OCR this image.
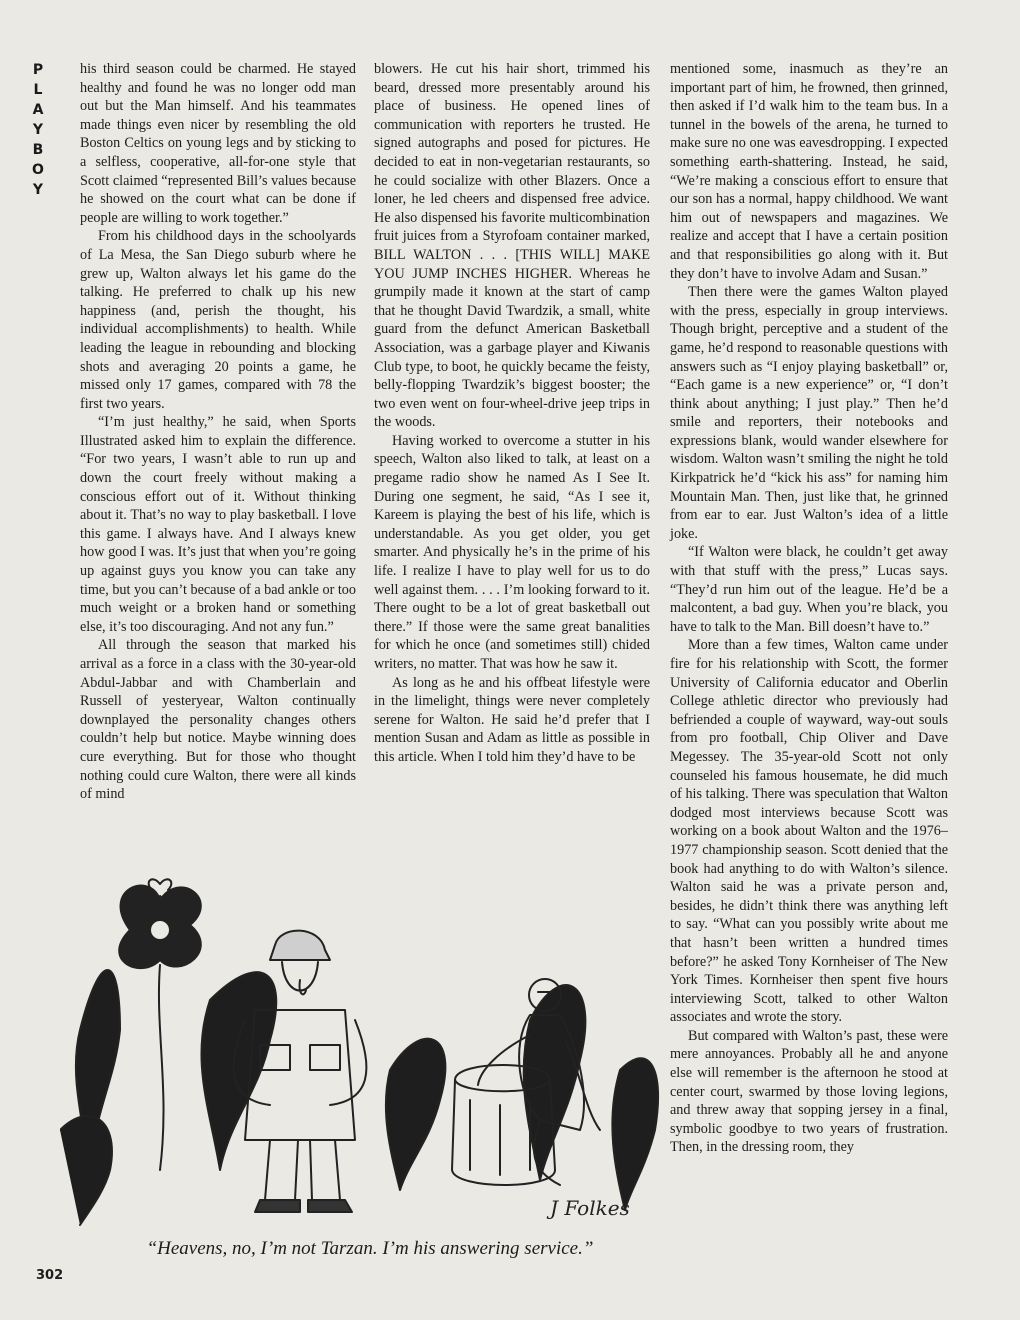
P
L
A
Y
B
O
Y

his third season could be charmed. He stayed healthy and found he was no longer odd man out but the Man himself. And his teammates made things even nicer by resembling the old Boston Celtics on young legs and by sticking to a selfless, cooperative, all-for-one style that Scott claimed “represented Bill’s values because he showed on the court what can be done if people are willing to work together.”

From his childhood days in the schoolyards of La Mesa, the San Diego suburb where he grew up, Walton always let his game do the talking. He preferred to chalk up his new happiness (and, perish the thought, his individual accomplishments) to health. While leading the league in rebounding and blocking shots and averaging 20 points a game, he missed only 17 games, compared with 78 the first two years.

“I’m just healthy,” he said, when Sports Illustrated asked him to explain the difference. “For two years, I wasn’t able to run up and down the court freely without making a conscious effort out of it. Without thinking about it. That’s no way to play basketball. I love this game. I always have. And I always knew how good I was. It’s just that when you’re going up against guys you know you can take any time, but you can’t because of a bad ankle or too much weight or a broken hand or something else, it’s too discouraging. And not any fun.”

All through the season that marked his arrival as a force in a class with the 30-year-old Abdul-Jabbar and with Chamberlain and Russell of yesteryear, Walton continually downplayed the personality changes others couldn’t help but notice. Maybe winning does cure everything. But for those who thought nothing could cure Walton, there were all kinds of mind

blowers. He cut his hair short, trimmed his beard, dressed more presentably around his place of business. He opened lines of communication with reporters he trusted. He signed autographs and posed for pictures. He decided to eat in non-vegetarian restaurants, so he could socialize with other Blazers. Once a loner, he led cheers and dispensed free advice. He also dispensed his favorite multicombination fruit juices from a Styrofoam container marked, BILL WALTON . . . [THIS WILL] MAKE YOU JUMP INCHES HIGHER. Whereas he grumpily made it known at the start of camp that he thought David Twardzik, a small, white guard from the defunct American Basketball Association, was a garbage player and Kiwanis Club type, to boot, he quickly became the feisty, belly-flopping Twardzik’s biggest booster; the two even went on four-wheel-drive jeep trips in the woods.

Having worked to overcome a stutter in his speech, Walton also liked to talk, at least on a pregame radio show he named As I See It. During one segment, he said, “As I see it, Kareem is playing the best of his life, which is understandable. As you get older, you get smarter. And physically he’s in the prime of his life. I realize I have to play well for us to do well against them. . . . I’m looking forward to it. There ought to be a lot of great basketball out there.” If those were the same great banalities for which he once (and sometimes still) chided writers, no matter. That was how he saw it.

As long as he and his offbeat lifestyle were in the limelight, things were never completely serene for Walton. He said he’d prefer that I mention Susan and Adam as little as possible in this article. When I told him they’d have to be

mentioned some, inasmuch as they’re an important part of him, he frowned, then grinned, then asked if I’d walk him to the team bus. In a tunnel in the bowels of the arena, he turned to make sure no one was eavesdropping. I expected something earth-shattering. Instead, he said, “We’re making a conscious effort to ensure that our son has a normal, happy childhood. We want him out of newspapers and magazines. We realize and accept that I have a certain position and that responsibilities go along with it. But they don’t have to involve Adam and Susan.”

Then there were the games Walton played with the press, especially in group interviews. Though bright, perceptive and a student of the game, he’d respond to reasonable questions with answers such as “I enjoy playing basketball” or, “Each game is a new experience” or, “I don’t think about anything; I just play.” Then he’d smile and reporters, their notebooks and expressions blank, would wander elsewhere for wisdom. Walton wasn’t smiling the night he told Kirkpatrick he’d “kick his ass” for naming him Mountain Man. Then, just like that, he grinned from ear to ear. Just Walton’s idea of a little joke.

“If Walton were black, he couldn’t get away with that stuff with the press,” Lucas says. “They’d run him out of the league. He’d be a malcontent, a bad guy. When you’re black, you have to talk to the Man. Bill doesn’t have to.”

More than a few times, Walton came under fire for his relationship with Scott, the former University of California educator and Oberlin College athletic director who previously had befriended a couple of wayward, way-out souls from pro football, Chip Oliver and Dave Megessey. The 35-year-old Scott not only counseled his famous housemate, he did much of his talking. There was speculation that Walton dodged most interviews because Scott was working on a book about Walton and the 1976–1977 championship season. Scott denied that the book had anything to do with Walton’s silence. Walton said he was a private person and, besides, he didn’t think there was anything left to say. “What can you possibly write about me that hasn’t been written a hundred times before?” he asked Tony Kornheiser of The New York Times. Kornheiser then spent five hours interviewing Scott, talked to other Walton associates and wrote the story.

But compared with Walton’s past, these were mere annoyances. Probably all he and anyone else will remember is the afternoon he stood at center court, swarmed by those loving legions, and threw away that sopping jersey in a final, symbolic goodbye to two years of frustration. Then, in the dressing room, they

J Folkes
“Heavens, no, I’m not Tarzan. I’m his answering service.”
302
